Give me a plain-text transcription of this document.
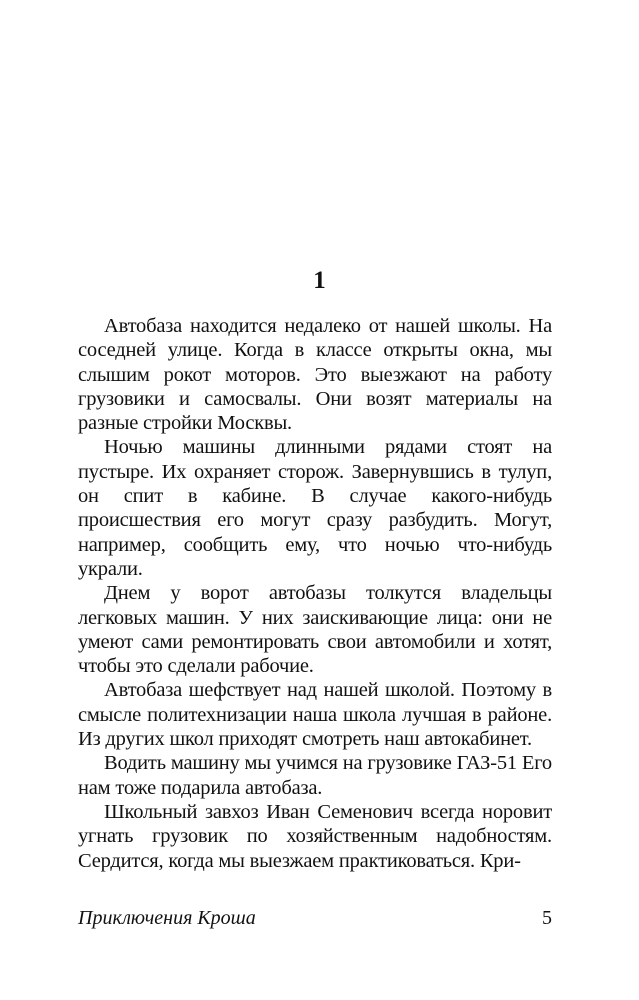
1

Автобаза находится недалеко от нашей школы. На соседней улице. Когда в классе открыты окна, мы слышим рокот моторов. Это выезжают на работу грузовики и самосвалы. Они возят материалы на разные стройки Москвы.

Ночью машины длинными рядами стоят на пустыре. Их охраняет сторож. Завернувшись в тулуп, он спит в кабине. В случае какого-нибудь происшествия его могут сразу разбудить. Могут, например, сообщить ему, что ночью что-нибудь украли.

Днем у ворот автобазы толкутся владельцы легковых машин. У них заискивающие лица: они не умеют сами ремонтировать свои автомобили и хотят, чтобы это сделали рабочие.

Автобаза шефствует над нашей школой. Поэтому в смысле политехнизации наша школа лучшая в районе. Из других школ приходят смотреть наш автокабинет.

Водить машину мы учимся на грузовике ГАЗ-51 Его нам тоже подарила автобаза.

Школьный завхоз Иван Семенович всегда норовит угнать грузовик по хозяйственным надобностям. Сердится, когда мы выезжаем практиковаться. Кри-

Приключения Кроша	5
